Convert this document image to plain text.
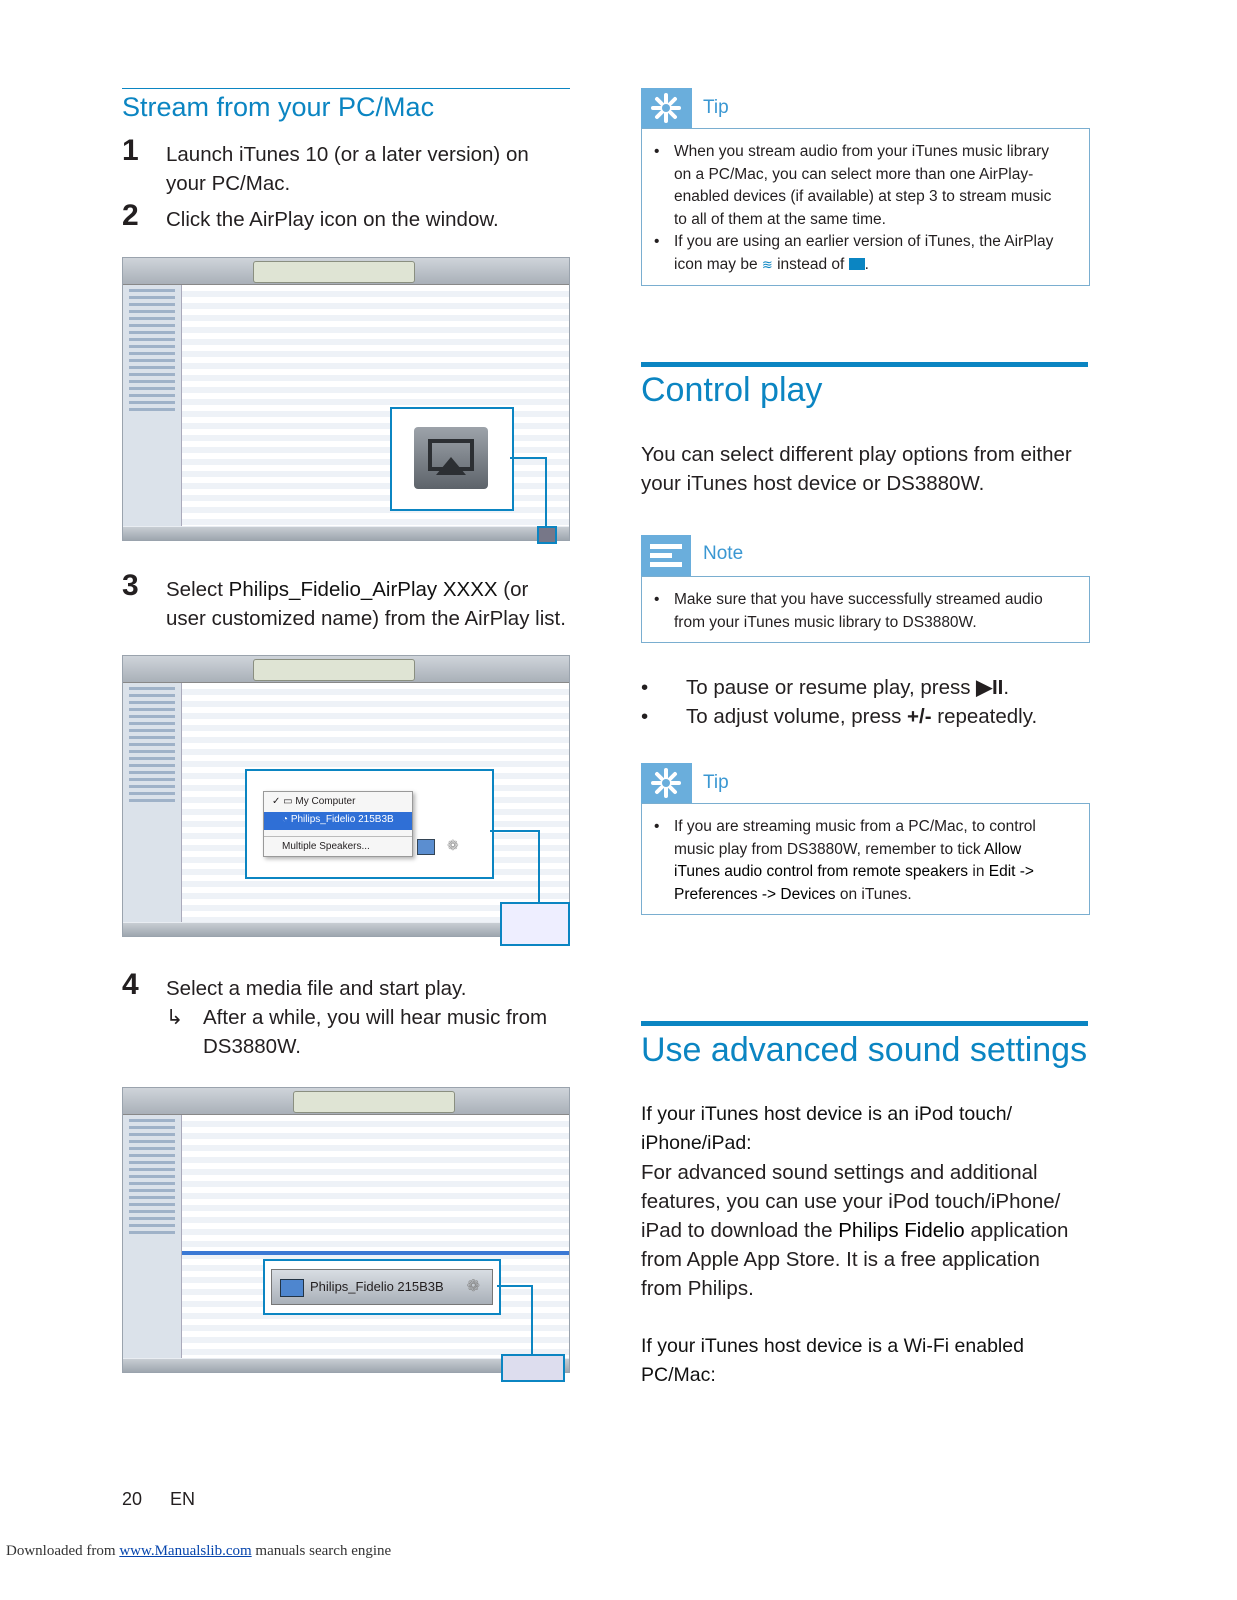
Stream from your PC/Mac
1 Launch iTunes 10 (or a later version) on
your PC/Mac.
2 Click the AirPlay icon on the window.
3 Select Philips_Fidelio_AirPlay XXXX (or
user customized name) from the AirPlay list.
✓ ▭ My Computer
◔ Philips_Fidelio 215B3B
Multiple Speakers...	❁
4 Select a media file and start play.
↳ After a while, you will hear music from
DS3880W.
Philips_Fidelio 215B3B ❁
20 EN
Downloaded from www.Manualslib.com manuals search engine
Tip
• When you stream audio from your iTunes music library
on a PC/Mac, you can select more than one AirPlay-
enabled devices (if available) at step 3 to stream music
to all of them at the same time.
• If you are using an earlier version of iTunes, the AirPlay
icon may be ≋ instead of .
Control play
You can select different play options from either
your iTunes host device or DS3880W.
Note
• Make sure that you have successfully streamed audio
from your iTunes music library to DS3880W.
• To pause or resume play, press ▶II.
• To adjust volume, press +/- repeatedly.
Tip
• If you are streaming music from a PC/Mac, to control
music play from DS3880W, remember to tick Allow
iTunes audio control from remote speakers in Edit ->
Preferences -> Devices on iTunes.
Use advanced sound settings
If your iTunes host device is an iPod touch/
iPhone/iPad:
For advanced sound settings and additional
features, you can use your iPod touch/iPhone/
iPad to download the Philips Fidelio application
from Apple App Store. It is a free application
from Philips.
If your iTunes host device is a Wi-Fi enabled
PC/Mac:
